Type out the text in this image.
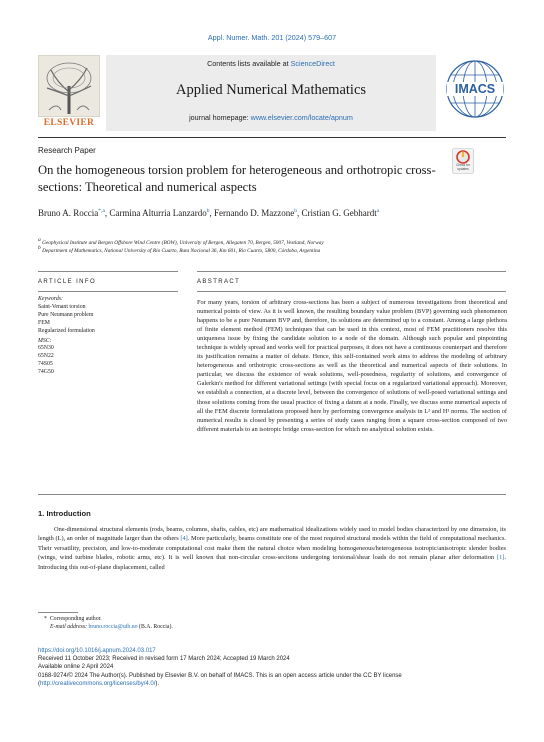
Appl. Numer. Math. 201 (2024) 579–607
ELSEVIER
Contents lists available at ScienceDirect
Applied Numerical Mathematics
journal homepage: www.elsevier.com/locate/apnum
IMACS
Research Paper
Check for updates
On the homogeneous torsion problem for heterogeneous and orthotropic cross-sections: Theoretical and numerical aspects
Bruno A. Roccia$^{*,a}$, Carmina Alturria Lanzardo$^b$, Fernando D. Mazzone$^b$, Cristian G. Gebhardt$^a$
$^a$ Geophysical Institute and Bergen Offshore Wind Centre (BOW), University of Bergen, Allegaten 70, Bergen, 5007, Vestland, Norway
$^b$ Department of Mathematics, National University of Rio Cuarto, Ruta Nacional 36, Km 601, Rio Cuarto, 5800, Córdoba, Argentina
ARTICLE INFO	ABSTRACT
Keywords:
Saint-Venant torsion
Pure Neumann problem
FEM
Regularized formulation
MSC:
65N30
65N22
74S05
74G50
For many years, torsion of arbitrary cross-sections has been a subject of numerous investigations from theoretical and numerical points of view. As it is well known, the resulting boundary value problem (BVP) governing such phenomenon happens to be a pure Neumann BVP and, therefore, its solutions are determined up to a constant. Among a large plethora of finite element method (FEM) techniques that can be used in this context, most of FEM practitioners resolve this uniqueness issue by fixing the candidate solution to a node of the domain. Although such popular and pinpointing technique is widely spread and works well for practical purposes, it does not have a continuous counterpart and therefore its justification remains a matter of debate. Hence, this self-contained work aims to address the modeling of arbitrary heterogeneous and orthotropic cross-sections as well as the theoretical and numerical aspects of their solutions. In particular, we discuss the existence of weak solutions, well-posedness, regularity of solutions, and convergence of Galerkin's method for different variational settings (with special focus on a regularized variational approach). Moreover, we establish a connection, at a discrete level, between the convergence of solutions of well-posed variational settings and those solutions coming from the usual practice of fixing a datum at a node. Finally, we discuss some numerical aspects of all the FEM discrete formulations proposed here by performing convergence analysis in L² and H¹ norms. The section of numerical results is closed by presenting a series of study cases ranging from a square cross-section composed of two different materials to an isotropic bridge cross-section for which no analytical solution exists.
1. Introduction
One-dimensional structural elements (rods, beams, columns, shafts, cables, etc) are mathematical idealizations widely used to model bodies characterized by one dimension, its length (L), an order of magnitude larger than the others [4]. More particularly, beams constitute one of the most required structural models within the field of computational mechanics. Their versatility, precision, and low-to-moderate computational cost make them the natural choice when modeling homogeneous/heterogeneous isotropic/anisotropic slender bodies (wings, wind turbine blades, robotic arms, etc). It is well known that non-circular cross-sections undergoing torsional/shear loads do not remain planar after deformation [1]. Introducing this out-of-plane displacement, called
* Corresponding author.
E-mail address: bruno.roccia@uib.no (B.A. Roccia).
https://doi.org/10.1016/j.apnum.2024.03.017
Received 11 October 2023; Received in revised form 17 March 2024; Accepted 19 March 2024
Available online 2 April 2024
0168-9274/© 2024 The Author(s). Published by Elsevier B.V. on behalf of IMACS. This is an open access article under the CC BY license (http://creativecommons.org/licenses/by/4.0/).
